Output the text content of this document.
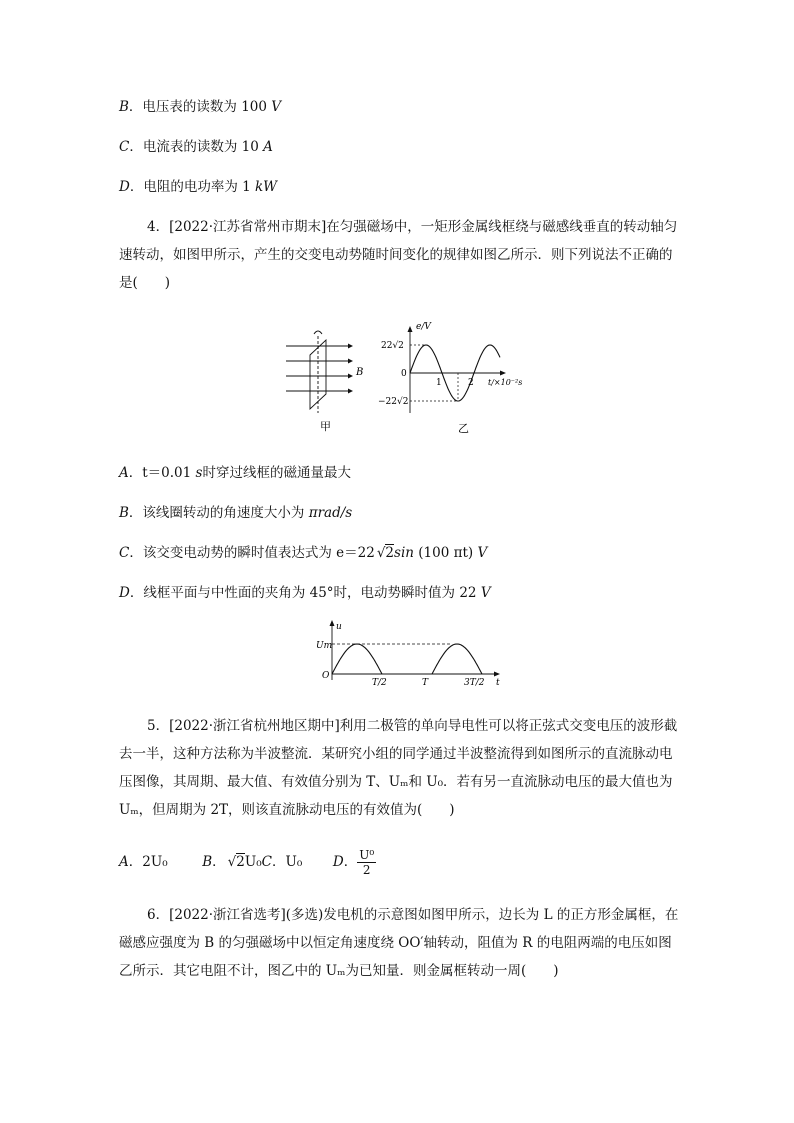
B．电压表的读数为 100 V
C．电流表的读数为 10 A
D．电阻的电功率为 1 kW
4．[2022·江苏省常州市期末]在匀强磁场中，一矩形金属线框绕与磁感线垂直的转动轴匀速转动，如图甲所示，产生的交变电动势随时间变化的规律如图乙所示．则下列说法不正确的是(　　)
B
甲
e/V
22√2
−22√2
0
1	2 t/×10⁻²s
乙
A．t＝0.01 s时穿过线框的磁通量最大
B．该线圈转动的角速度大小为 πrad/s
C．该交变电动势的瞬时值表达式为 e＝22 √2sin (100 πt) V
D．线框平面与中性面的夹角为 45°时，电动势瞬时值为 22 V
u
Um
O
T/2	T	3T/2 t
5．[2022·浙江省杭州地区期中]利用二极管的单向导电性可以将正弦式交变电压的波形截去一半，这种方法称为半波整流．某研究小组的同学通过半波整流得到如图所示的直流脉动电压图像，其周期、最大值、有效值分别为 T、Uₘ和 U₀．若有另一直流脉动电压的最大值也为 Uₘ，但周期为 2T，则该直流脉动电压的有效值为(　　)
A．2U₀	B． √2U₀C．U₀ D． $\frac{\text{U⁰}}{2}$
6．[2022·浙江省选考](多选)发电机的示意图如图甲所示，边长为 L 的正方形金属框，在磁感应强度为 B 的匀强磁场中以恒定角速度绕 OO′轴转动，阻值为 R 的电阻两端的电压如图乙所示．其它电阻不计，图乙中的 Uₘ为已知量．则金属框转动一周(　　)
